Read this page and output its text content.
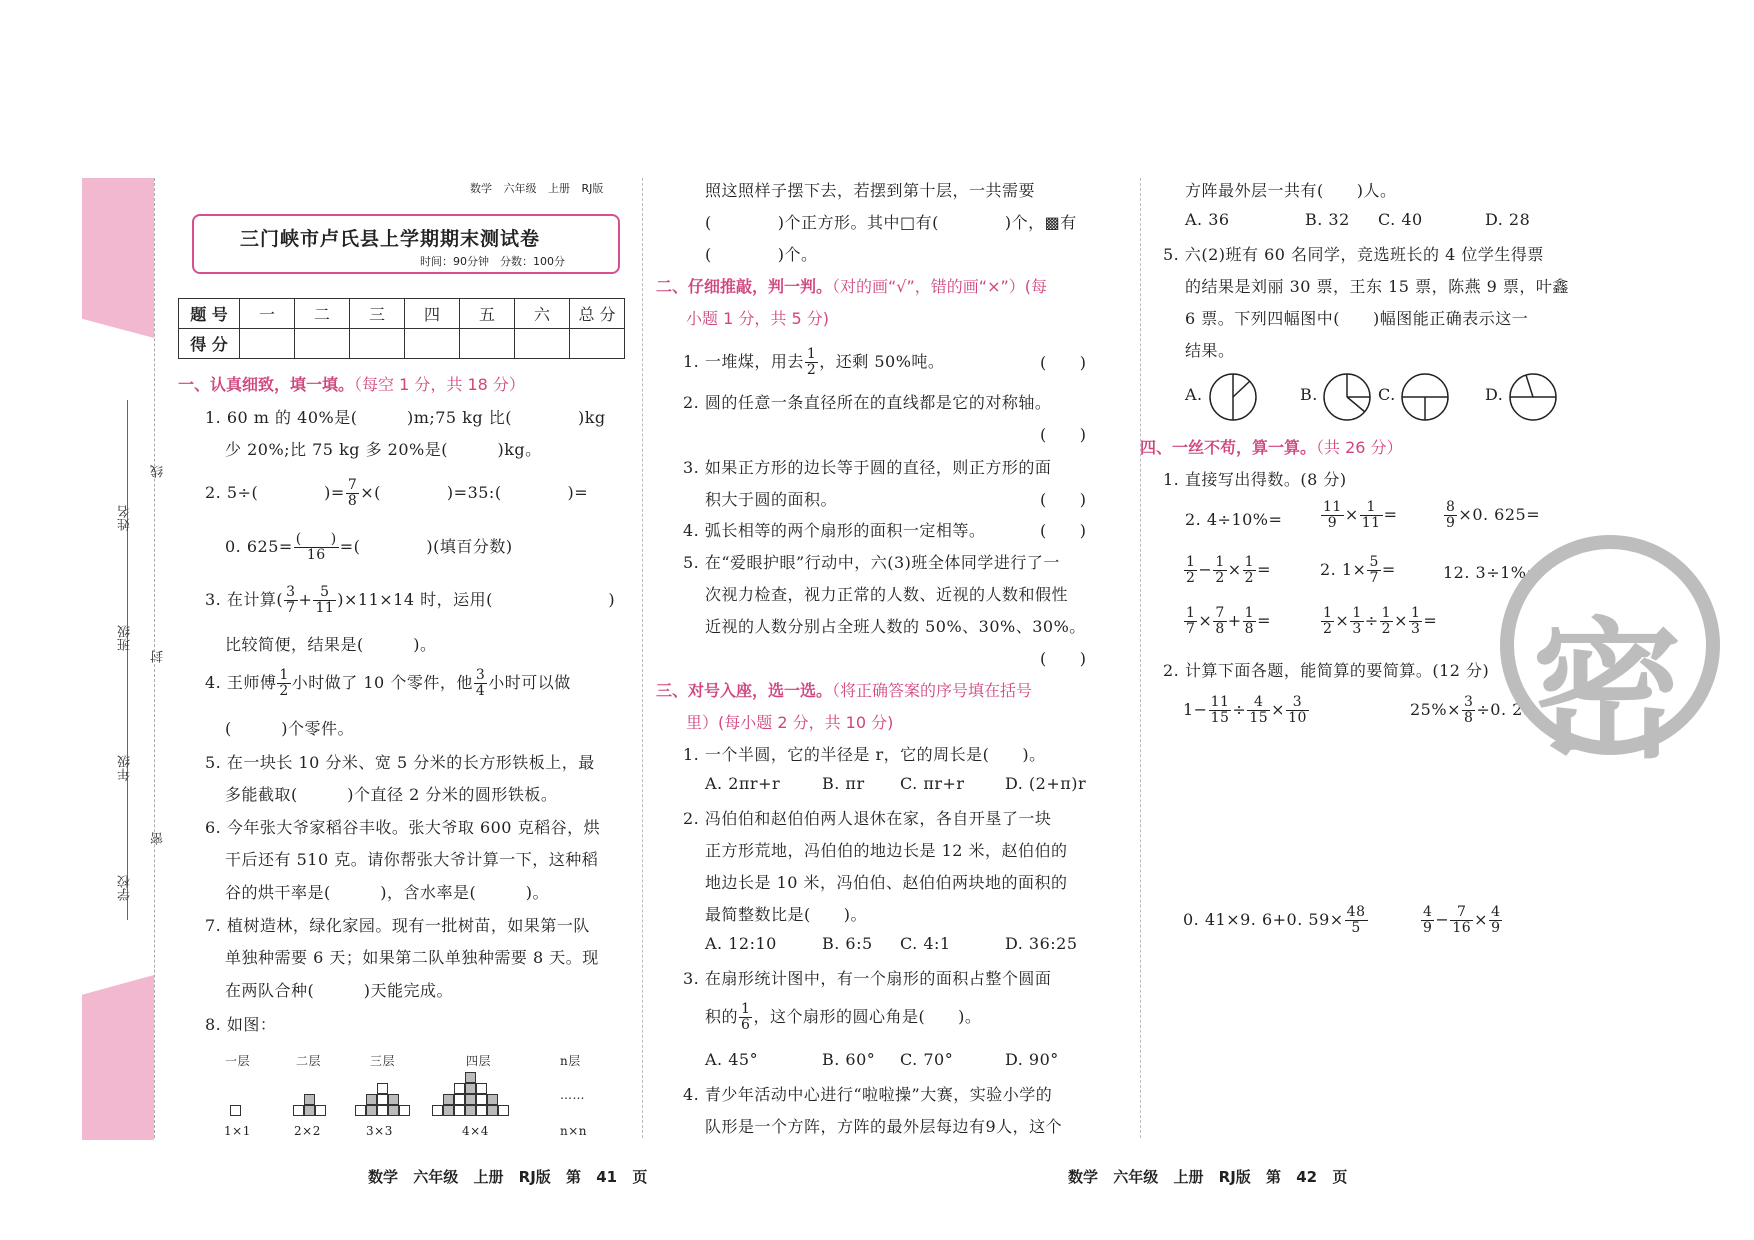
姓名
班级
年级
学校
线
封
密
数学 六年级 上册 RJ版
三门峡市卢氏县上学期期末测试卷
时间：90分钟　 分数：100分
题 号	一	二	三	四	五	六	总 分
得 分							
一、认真细致，填一填。（每空 1 分，共 18 分）
1. 60 m 的 40%是(　　　)m;75 kg 比(　　　　)kg
少 20%;比 75 kg 多 20%是(　　　)kg。
2. 5÷(　　　　)= $\frac{7}{8}$ ×(　　　　)=35:(　　　　)=
0. $625= \frac{( )}{16}$ =(　　　　)(填百分数)
3. 在计算( $\frac{3}{7} + \frac{5}{11} )\times 11\times 14$ 时，运用(　　　　　　　)
比较简便，结果是(　　　)。
4. 王师傅 $\frac{1}{2}$ 小时做了 10 个零件，他 $\frac{3}{4}$ 小时可以做
(　　　)个零件。
5. 在一块长 10 分米、宽 5 分米的长方形铁板上，最
多能截取(　　　)个直径 2 分米的圆形铁板。
6. 今年张大爷家稻谷丰收。张大爷取 600 克稻谷，烘
干后还有 510 克。请你帮张大爷计算一下，这种稻
谷的烘干率是(　　　)，含水率是(　　　)。
7. 植树造林，绿化家园。现有一批树苗，如果第一队
单独种需要 6 天；如果第二队单独种需要 8 天。现
在两队合种(　　　)天能完成。
8. 如图：
一层	二层	三层	四层	n层
……
1×1	2×2	3×3	4×4	n×n
照这照样子摆下去，若摆到第十层，一共需要
(　　　　)个正方形。其中□有(　　　　)个，▩有
(　　　　)个。
二、仔细推敲，判一判。（对的画“√”，错的画“×”）(每
小题 1 分，共 5 分)
1. 一堆煤，用去 $\frac{1}{2}$ ，还剩 50%吨。	(　　)
2. 圆的任意一条直径所在的直线都是它的对称轴。
(　　)
3. 如果正方形的边长等于圆的直径，则正方形的面
积大于圆的面积。	(　　)
4. 弧长相等的两个扇形的面积一定相等。	(　　)
5. 在“爱眼护眼”行动中，六(3)班全体同学进行了一
次视力检查，视力正常的人数、近视的人数和假性
近视的人数分别占全班人数的 50%、30%、30%。
(　　)
三、对号入座，选一选。（将正确答案的序号填在括号
里）(每小题 2 分，共 10 分)
1. 一个半圆，它的半径是 r，它的周长是(　　)。
A. 2πr+r	B. πr C. πr+r	D. (2+π)r
2. 冯伯伯和赵伯伯两人退休在家，各自开垦了一块
正方形荒地，冯伯伯的地边长是 12 米，赵伯伯的
地边长是 10 米，冯伯伯、赵伯伯两块地的面积的
最简整数比是(　　)。
A. 12:10	B. 6:5 C. 4:1	D. 36:25
3. 在扇形统计图中，有一个扇形的面积占整个圆面
积的 $\frac{1}{6}$ ，这个扇形的圆心角是(　　)。
A. 45°	B. 60° C. 70°	D. 90°
4. 青少年活动中心进行“啦啦操”大赛，实验小学的
队形是一个方阵，方阵的最外层每边有9人，这个
方阵最外层一共有(　　)人。
A. 36	B. 32 C. 40	D. 28
5. 六(2)班有 60 名同学，竞选班长的 4 位学生得票
的结果是刘丽 30 票，王东 15 票，陈燕 9 票，叶鑫
6 票。下列四幅图中(　　)幅图能正确表示这一
结果。
A.	B.	C.	D.
四、一丝不苟，算一算。（共 26 分）
1. 直接写出得数。(8 分)
2. 4÷10%=	$\frac{11}{9} \times \frac{1}{11}$ =	$\frac{8}{9} \times 0$. 625=
$\frac{1}{2} - \frac{1}{2} \times \frac{1}{2}$ =	2. $1\times \frac{5}{7}$ =	12. 3÷1%=
$\frac{1}{7} \times \frac{7}{8} + \frac{1}{8}$ =	$\frac{1}{2} \times \frac{1}{3} \div \frac{1}{2} \times \frac{1}{3}$ =
2. 计算下面各题，能简算的要简算。(12 分)
$1- \frac{11}{15} \div \frac{4}{15} \times \frac{3}{10}$	$25\%\times \frac{3}{8} \div 0$. 25
0. 41×9. 6+0. $59\times \frac{48}{5}$	$\frac{4}{9} - \frac{7}{16} \times \frac{4}{9}$
密
数学 六年级 上册 RJ版 第 41 页	数学 六年级 上册 RJ版 第 42 页
